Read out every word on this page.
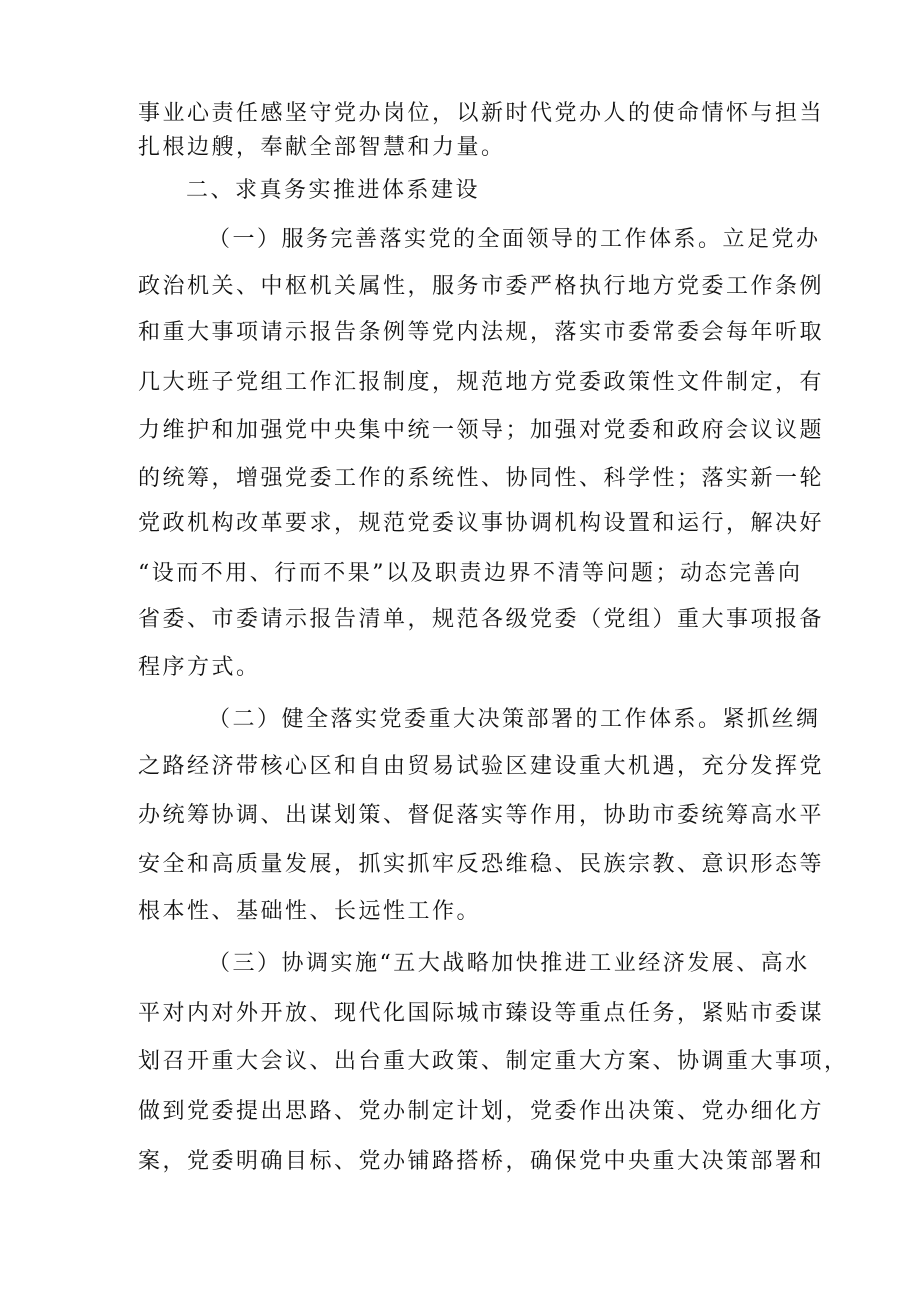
事业心责任感坚守党办岗位，以新时代党办人的使命情怀与担当
扎根边艘，奉献全部智慧和力量。
二、求真务实推进体系建设
（一）服务完善落实党的全面领导的工作体系。立足党办
政治机关、中枢机关属性，服务市委严格执行地方党委工作条例
和重大事项请示报告条例等党内法规，落实市委常委会每年听取
几大班子党组工作汇报制度，规范地方党委政策性文件制定，有
力维护和加强党中央集中统一领导；加强对党委和政府会议议题
的统筹，增强党委工作的系统性、协同性、科学性；落实新一轮
党政机构改革要求，规范党委议事协调机构设置和运行，解决好
“设而不用、行而不果”以及职责边界不清等问题；动态完善向
省委、市委请示报告清单，规范各级党委（党组）重大事项报备
程序方式。
（二）健全落实党委重大决策部署的工作体系。紧抓丝绸
之路经济带核心区和自由贸易试验区建设重大机遇，充分发挥党
办统筹协调、出谋划策、督促落实等作用，协助市委统筹高水平
安全和高质量发展，抓实抓牢反恐维稳、民族宗教、意识形态等
根本性、基础性、长远性工作。
（三）协调实施“五大战略加快推进工业经济发展、高水
平对内对外开放、现代化国际城市臻设等重点任务，紧贴市委谋
划召开重大会议、出台重大政策、制定重大方案、协调重大事项，
做到党委提出思路、党办制定计划，党委作出决策、党办细化方
案，党委明确目标、党办铺路搭桥，确保党中央重大决策部署和
